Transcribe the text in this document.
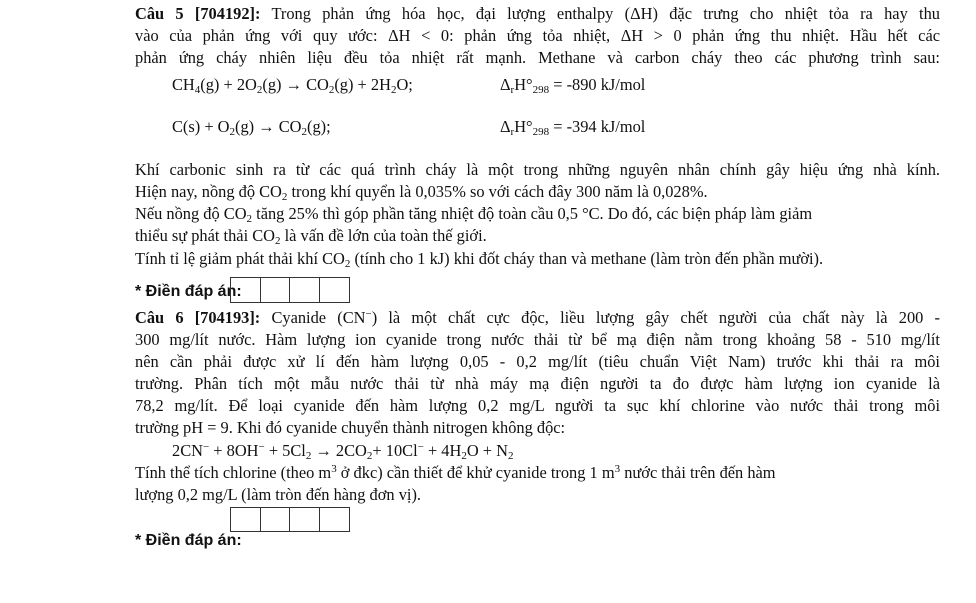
Câu 5 [704192]: Trong phản ứng hóa học, đại lượng enthalpy (ΔH) đặc trưng cho nhiệt tỏa ra hay thu
vào của phản ứng với quy ước: ΔH < 0: phản ứng tỏa nhiệt, ΔH > 0 phản ứng thu nhiệt. Hầu hết các
phản ứng cháy nhiên liệu đều tỏa nhiệt rất mạnh. Methane và carbon cháy theo các phương trình sau:
$CH_4(g) + 2O_2(g) \to CO_2(g) + 2H_2O$;	$\Delta_rH^\circ_{298} = -890$ kJ/mol
$C(s) + O_2(g) \to CO_2(g)$;	$\Delta_rH^\circ_{298} = -394$ kJ/mol
Khí carbonic sinh ra từ các quá trình cháy là một trong những nguyên nhân chính gây hiệu ứng nhà kính.
Hiện nay, nồng độ $CO_2$ trong khí quyển là 0,035% so với cách đây 300 năm là 0,028%.
Nếu nồng độ $CO_2$ tăng 25% thì góp phần tăng nhiệt độ toàn cầu 0,5 °C. Do đó, các biện pháp làm giảm
thiểu sự phát thải $CO_2$ là vấn đề lớn của toàn thế giới.
Tính tỉ lệ giảm phát thải khí $CO_2$ (tính cho 1 kJ) khi đốt cháy than và methane (làm tròn đến phần mười).
* Điền đáp án:
Câu 6 [704193]: Cyanide (CN−) là một chất cực độc, liều lượng gây chết người của chất này là 200 -
300 mg/lít nước. Hàm lượng ion cyanide trong nước thải từ bể mạ điện nằm trong khoảng 58 - 510 mg/lít
nên cần phải được xử lí đến hàm lượng 0,05 - 0,2 mg/lít (tiêu chuẩn Việt Nam) trước khi thải ra môi
trường. Phân tích một mẫu nước thải từ nhà máy mạ điện người ta đo được hàm lượng ion cyanide là
78,2 mg/lít. Để loại cyanide đến hàm lượng 0,2 mg/L người ta sục khí chlorine vào nước thải trong môi
trường pH = 9. Khi đó cyanide chuyển thành nitrogen không độc:
$2CN^- + 8OH^- + 5Cl_2 \to 2CO_2+ 10Cl^- + 4H_2O + N_2$
Tính thể tích chlorine (theo $m^3$ ở đkc) cần thiết để khử cyanide trong 1 $m^3$ nước thải trên đến hàm
lượng 0,2 mg/L (làm tròn đến hàng đơn vị).
* Điền đáp án:
